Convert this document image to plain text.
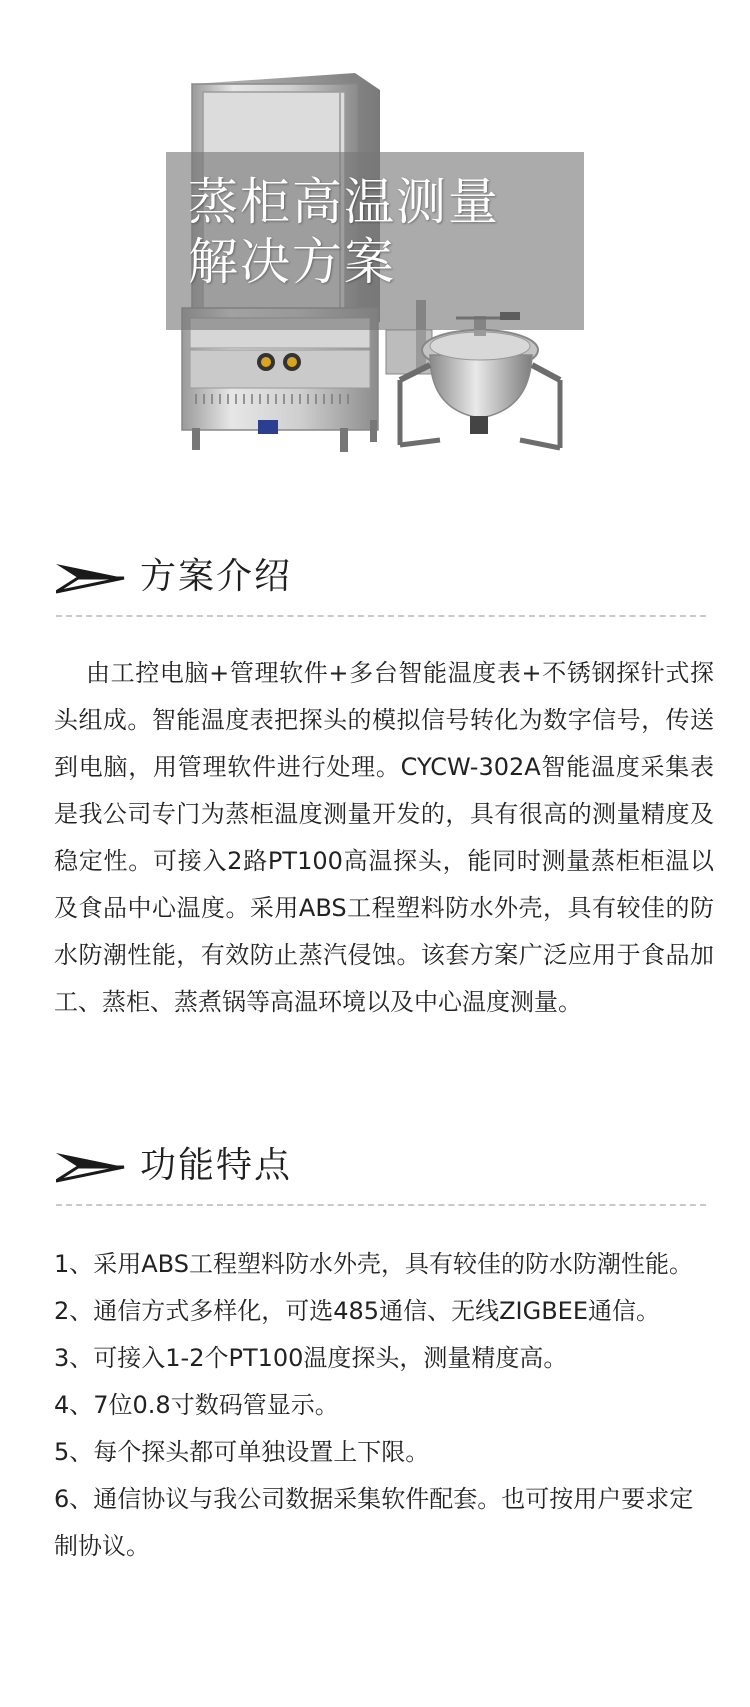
蒸柜高温测量
解决方案
方案介绍

由工控电脑+管理软件+多台智能温度表+不锈钢探针式探头组成。智能温度表把探头的模拟信号转化为数字信号，传送到电脑，用管理软件进行处理。CYCW-302A智能温度采集表是我公司专门为蒸柜温度测量开发的，具有很高的测量精度及稳定性。可接入2路PT100高温探头，能同时测量蒸柜柜温以及食品中心温度。采用ABS工程塑料防水外壳，具有较佳的防水防潮性能，有效防止蒸汽侵蚀。该套方案广泛应用于食品加工、蒸柜、蒸煮锅等高温环境以及中心温度测量。

功能特点
1、采用ABS工程塑料防水外壳，具有较佳的防水防潮性能。
2、通信方式多样化，可选485通信、无线ZIGBEE通信。
3、可接入1-2个PT100温度探头，测量精度高。
4、7位0.8寸数码管显示。
5、每个探头都可单独设置上下限。
6、通信协议与我公司数据采集软件配套。也可按用户要求定制协议。
